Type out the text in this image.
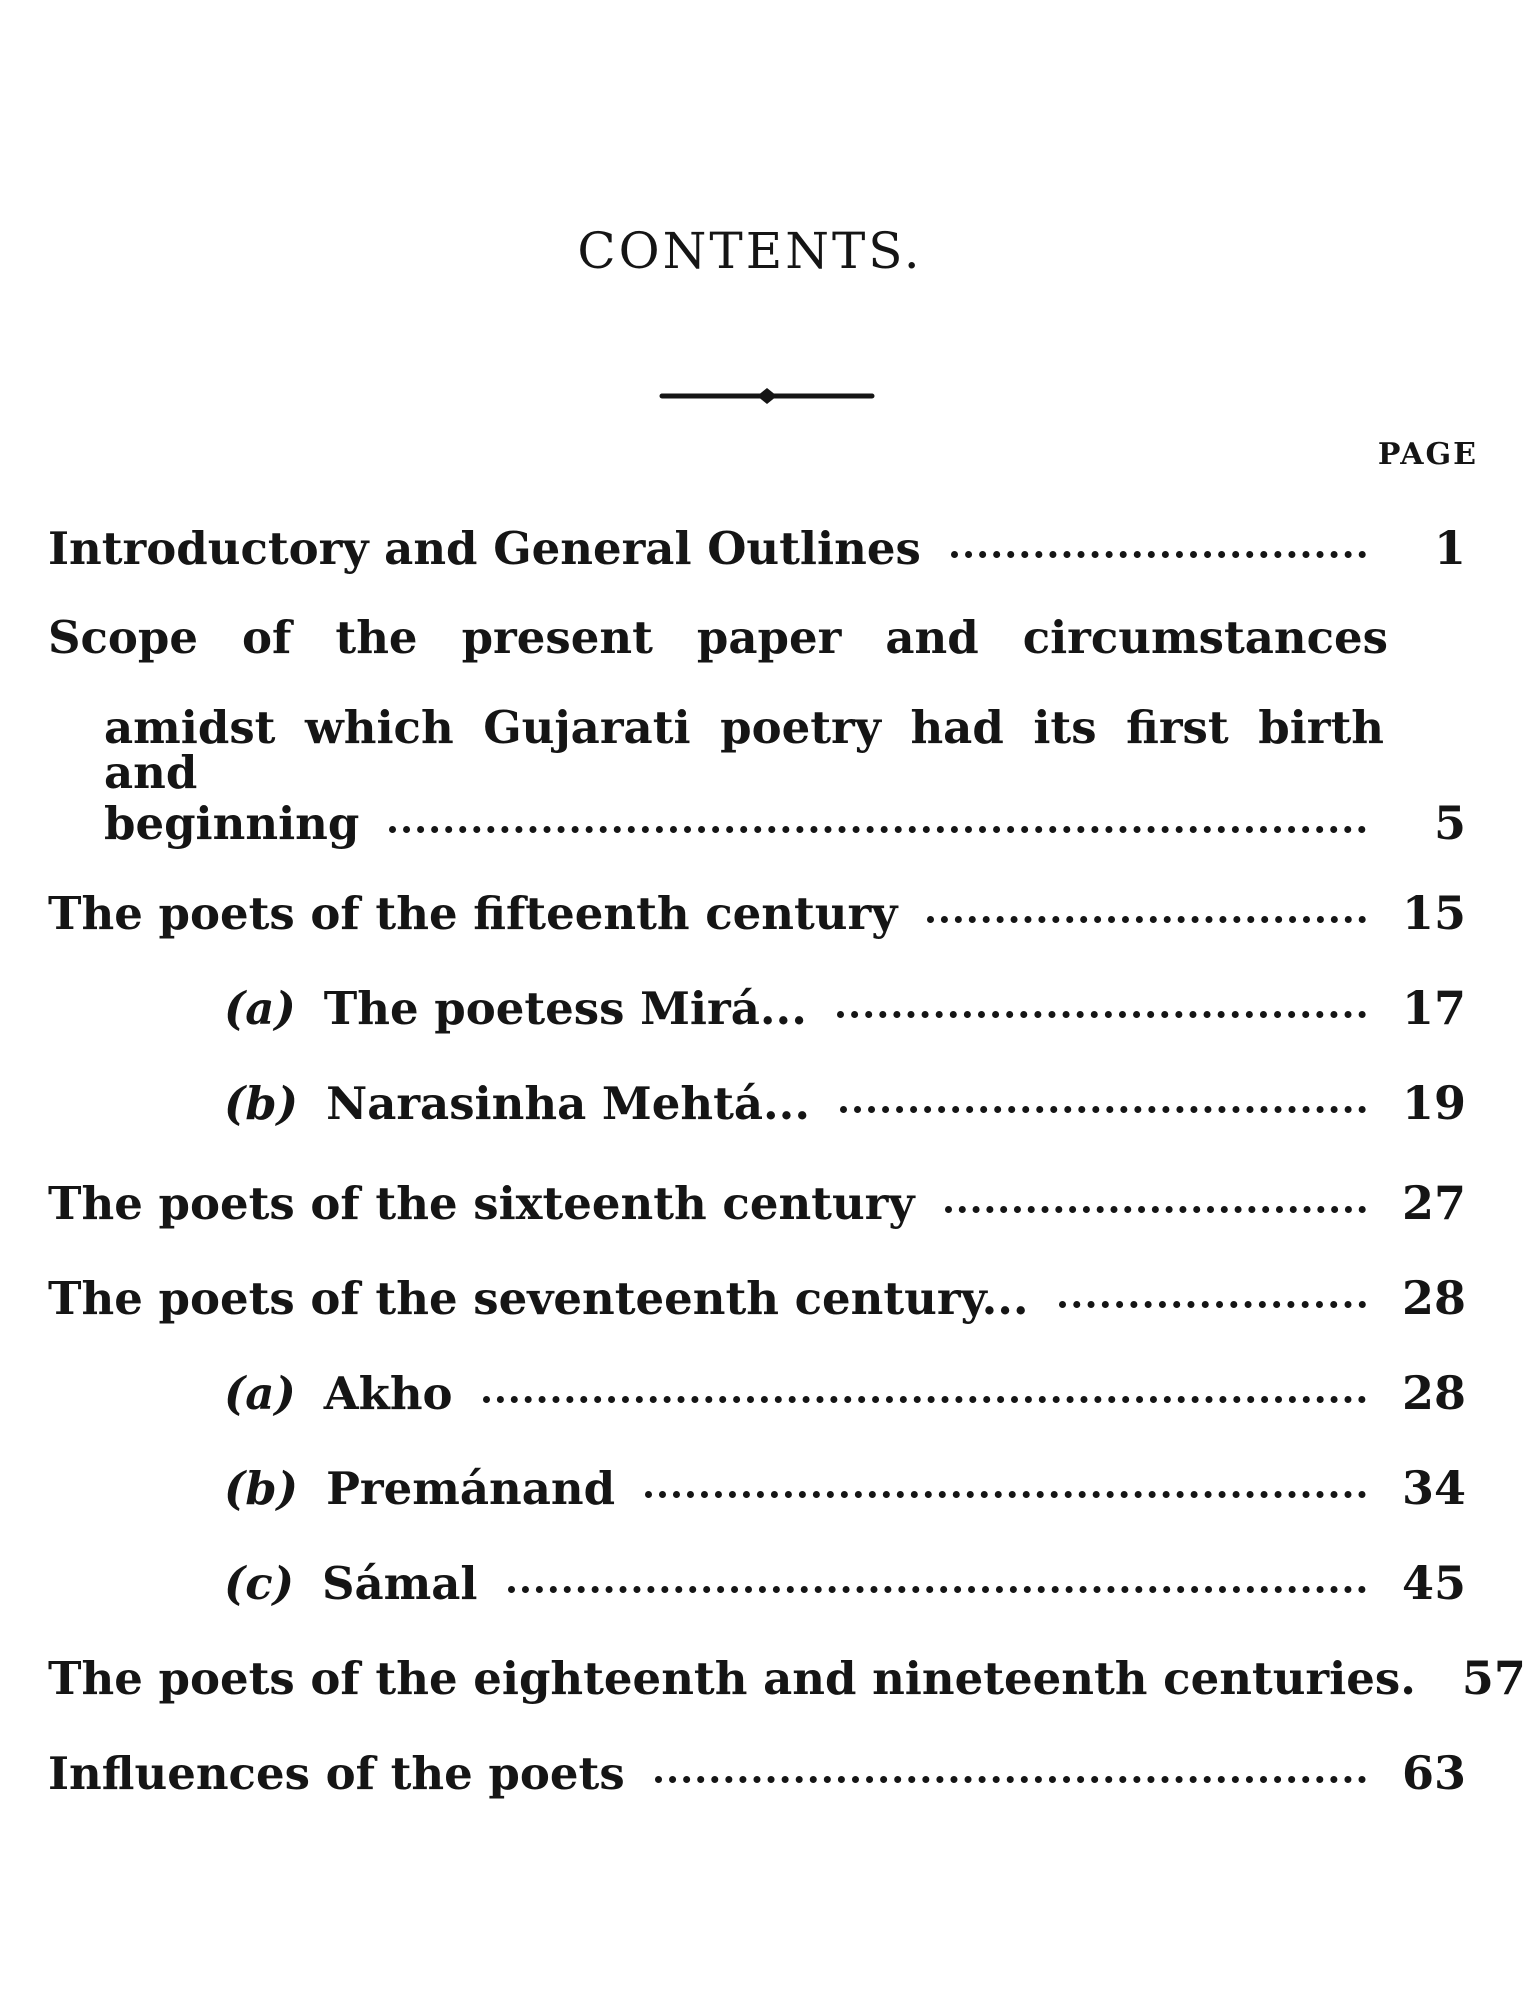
CONTENTS.
PAGE
Introductory and General Outlines	1
Scope of the present paper and circumstances
amidst which Gujarati poetry had its first birth and
beginning	5
The poets of the fifteenth century	15
(a) The poetess Mirá...	17
(b) Narasinha Mehtá...	19
The poets of the sixteenth century	27
The poets of the seventeenth century...	28
(a) Akho	28
(b) Premánand	34
(c) Sámal	45
The poets of the eighteenth and nineteenth centuries. 57
Influences of the poets	63
